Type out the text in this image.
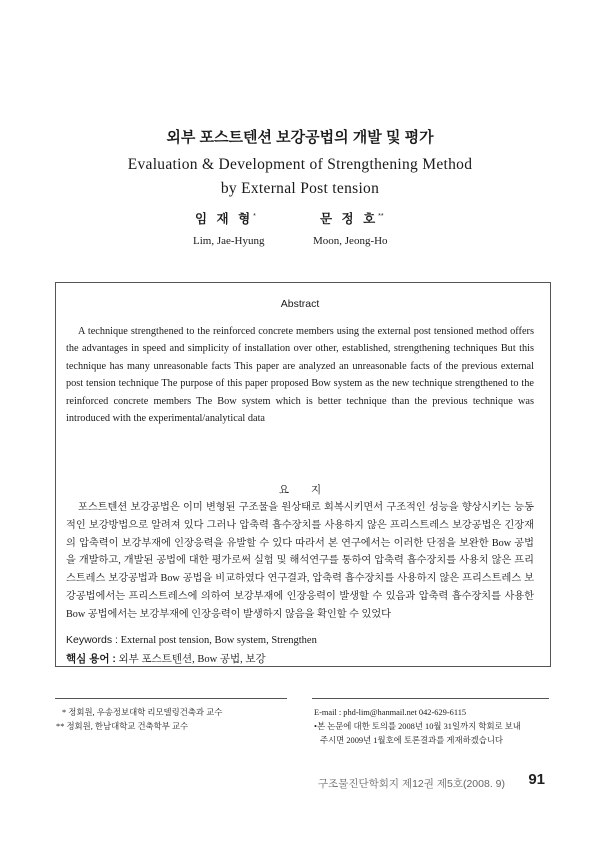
외부 포스트텐션 보강공법의 개발 및 평가
Evaluation & Development of Strengthening Method
by External Post tension
임 재 형*	문 정 호**
Lim, Jae-Hyung	Moon, Jeong-Ho
Abstract
A technique strengthened to the reinforced concrete members using the external post tensioned method offers the advantages in speed and simplicity of installation over other, established, strengthening techniques But this technique has many unreasonable facts This paper are analyzed an unreasonable facts of the previous external post tension technique The purpose of this paper proposed Bow system as the new technique strengthened to the reinforced concrete members The Bow system which is better technique than the previous technique was introduced with the experimental/analytical data
요지
포스트텐션 보강공법은 이미 변형된 구조물을 원상태로 회복시키면서 구조적인 성능을 향상시키는 능동적인 보강방법으로 알려져 있다 그러나 압축력 흡수장치를 사용하지 않은 프리스트레스 보강공법은 긴장재의 압축력이 보강부재에 인장응력을 유발할 수 있다 따라서 본 연구에서는 이러한 단점을 보완한 Bow 공법을 개발하고, 개발된 공법에 대한 평가로써 실험 및 해석연구를 통하여 압축력 흡수장치를 사용치 않은 프리스트레스 보강공법과 Bow 공법을 비교하였다 연구결과, 압축력 흡수장치를 사용하지 않은 프리스트레스 보강공법에서는 프리스트레스에 의하여 보강부재에 인장응력이 발생할 수 있음과 압축력 흡수장치를 사용한 Bow 공법에서는 보강부재에 인장응력이 발생하지 않음을 확인할 수 있었다
Keywords : External post tension, Bow system, Strengthen
핵심 용어 : 외부 포스트텐션, Bow 공법, 보강
* 정회원, 우송정보대학 리모델링건축과 교수
** 정회원, 한남대학교 건축학부 교수
E-mail : phd-lim@hanmail.net 042-629-6115
•본 논문에 대한 토의를 2008년 10월 31일까지 학회로 보내
주시면 2009년 1월호에 토론결과를 게재하겠습니다
구조물진단학회지 제12권 제5호(2008. 9) 91
